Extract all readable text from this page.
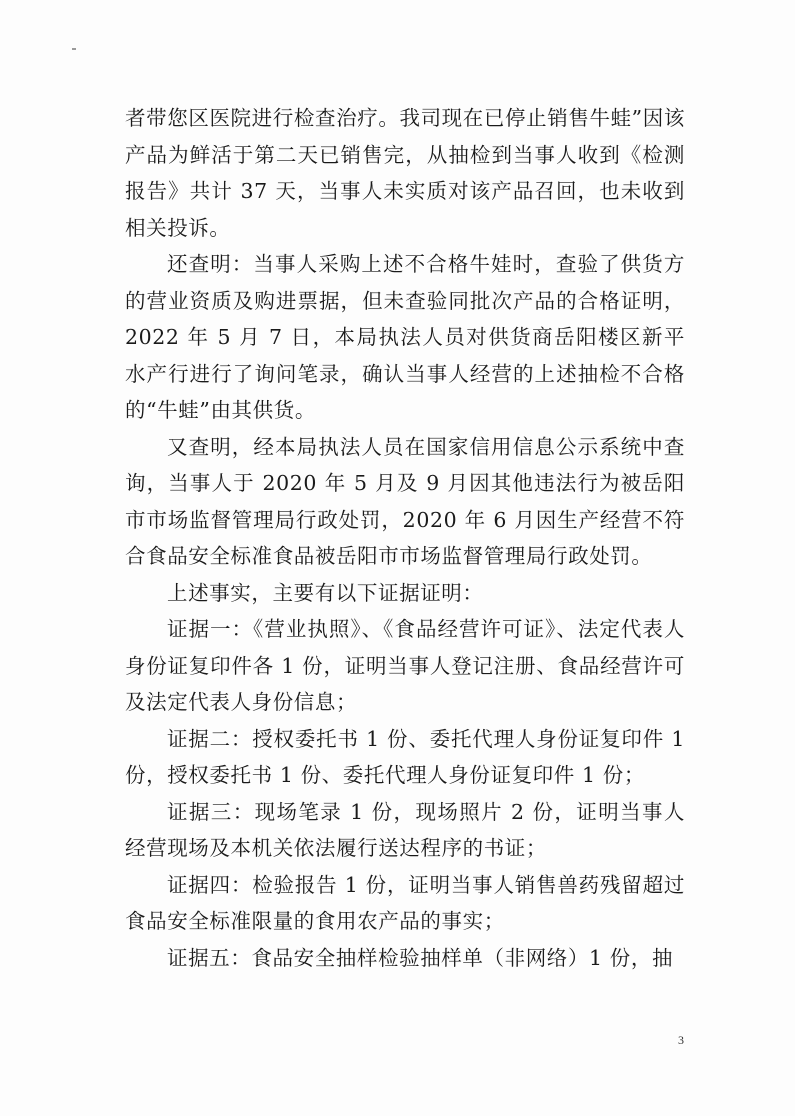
者带您区医院进行检查治疗。我司现在已停止销售牛蛙”因该产品为鲜活于第二天已销售完，从抽检到当事人收到《检测报告》共计 37 天，当事人未实质对该产品召回，也未收到相关投诉。

还查明：当事人采购上述不合格牛娃时，查验了供货方的营业资质及购进票据，但未查验同批次产品的合格证明，2022 年 5 月 7 日，本局执法人员对供货商岳阳楼区新平水产行进行了询问笔录，确认当事人经营的上述抽检不合格的“牛蛙”由其供货。

又查明，经本局执法人员在国家信用信息公示系统中查询，当事人于 2020 年 5 月及 9 月因其他违法行为被岳阳市市场监督管理局行政处罚，2020 年 6 月因生产经营不符合食品安全标准食品被岳阳市市场监督管理局行政处罚。

上述事实，主要有以下证据证明：

证据一：《营业执照》、《食品经营许可证》、法定代表人身份证复印件各 1 份，证明当事人登记注册、食品经营许可及法定代表人身份信息；

证据二：授权委托书 1 份、委托代理人身份证复印件 1 份，授权委托书 1 份、委托代理人身份证复印件 1 份；

证据三：现场笔录 1 份，现场照片 2 份，证明当事人经营现场及本机关依法履行送达程序的书证；

证据四：检验报告 1 份，证明当事人销售兽药残留超过食品安全标准限量的食用农产品的事实；

证据五：食品安全抽样检验抽样单（非网络）1 份，抽

3
